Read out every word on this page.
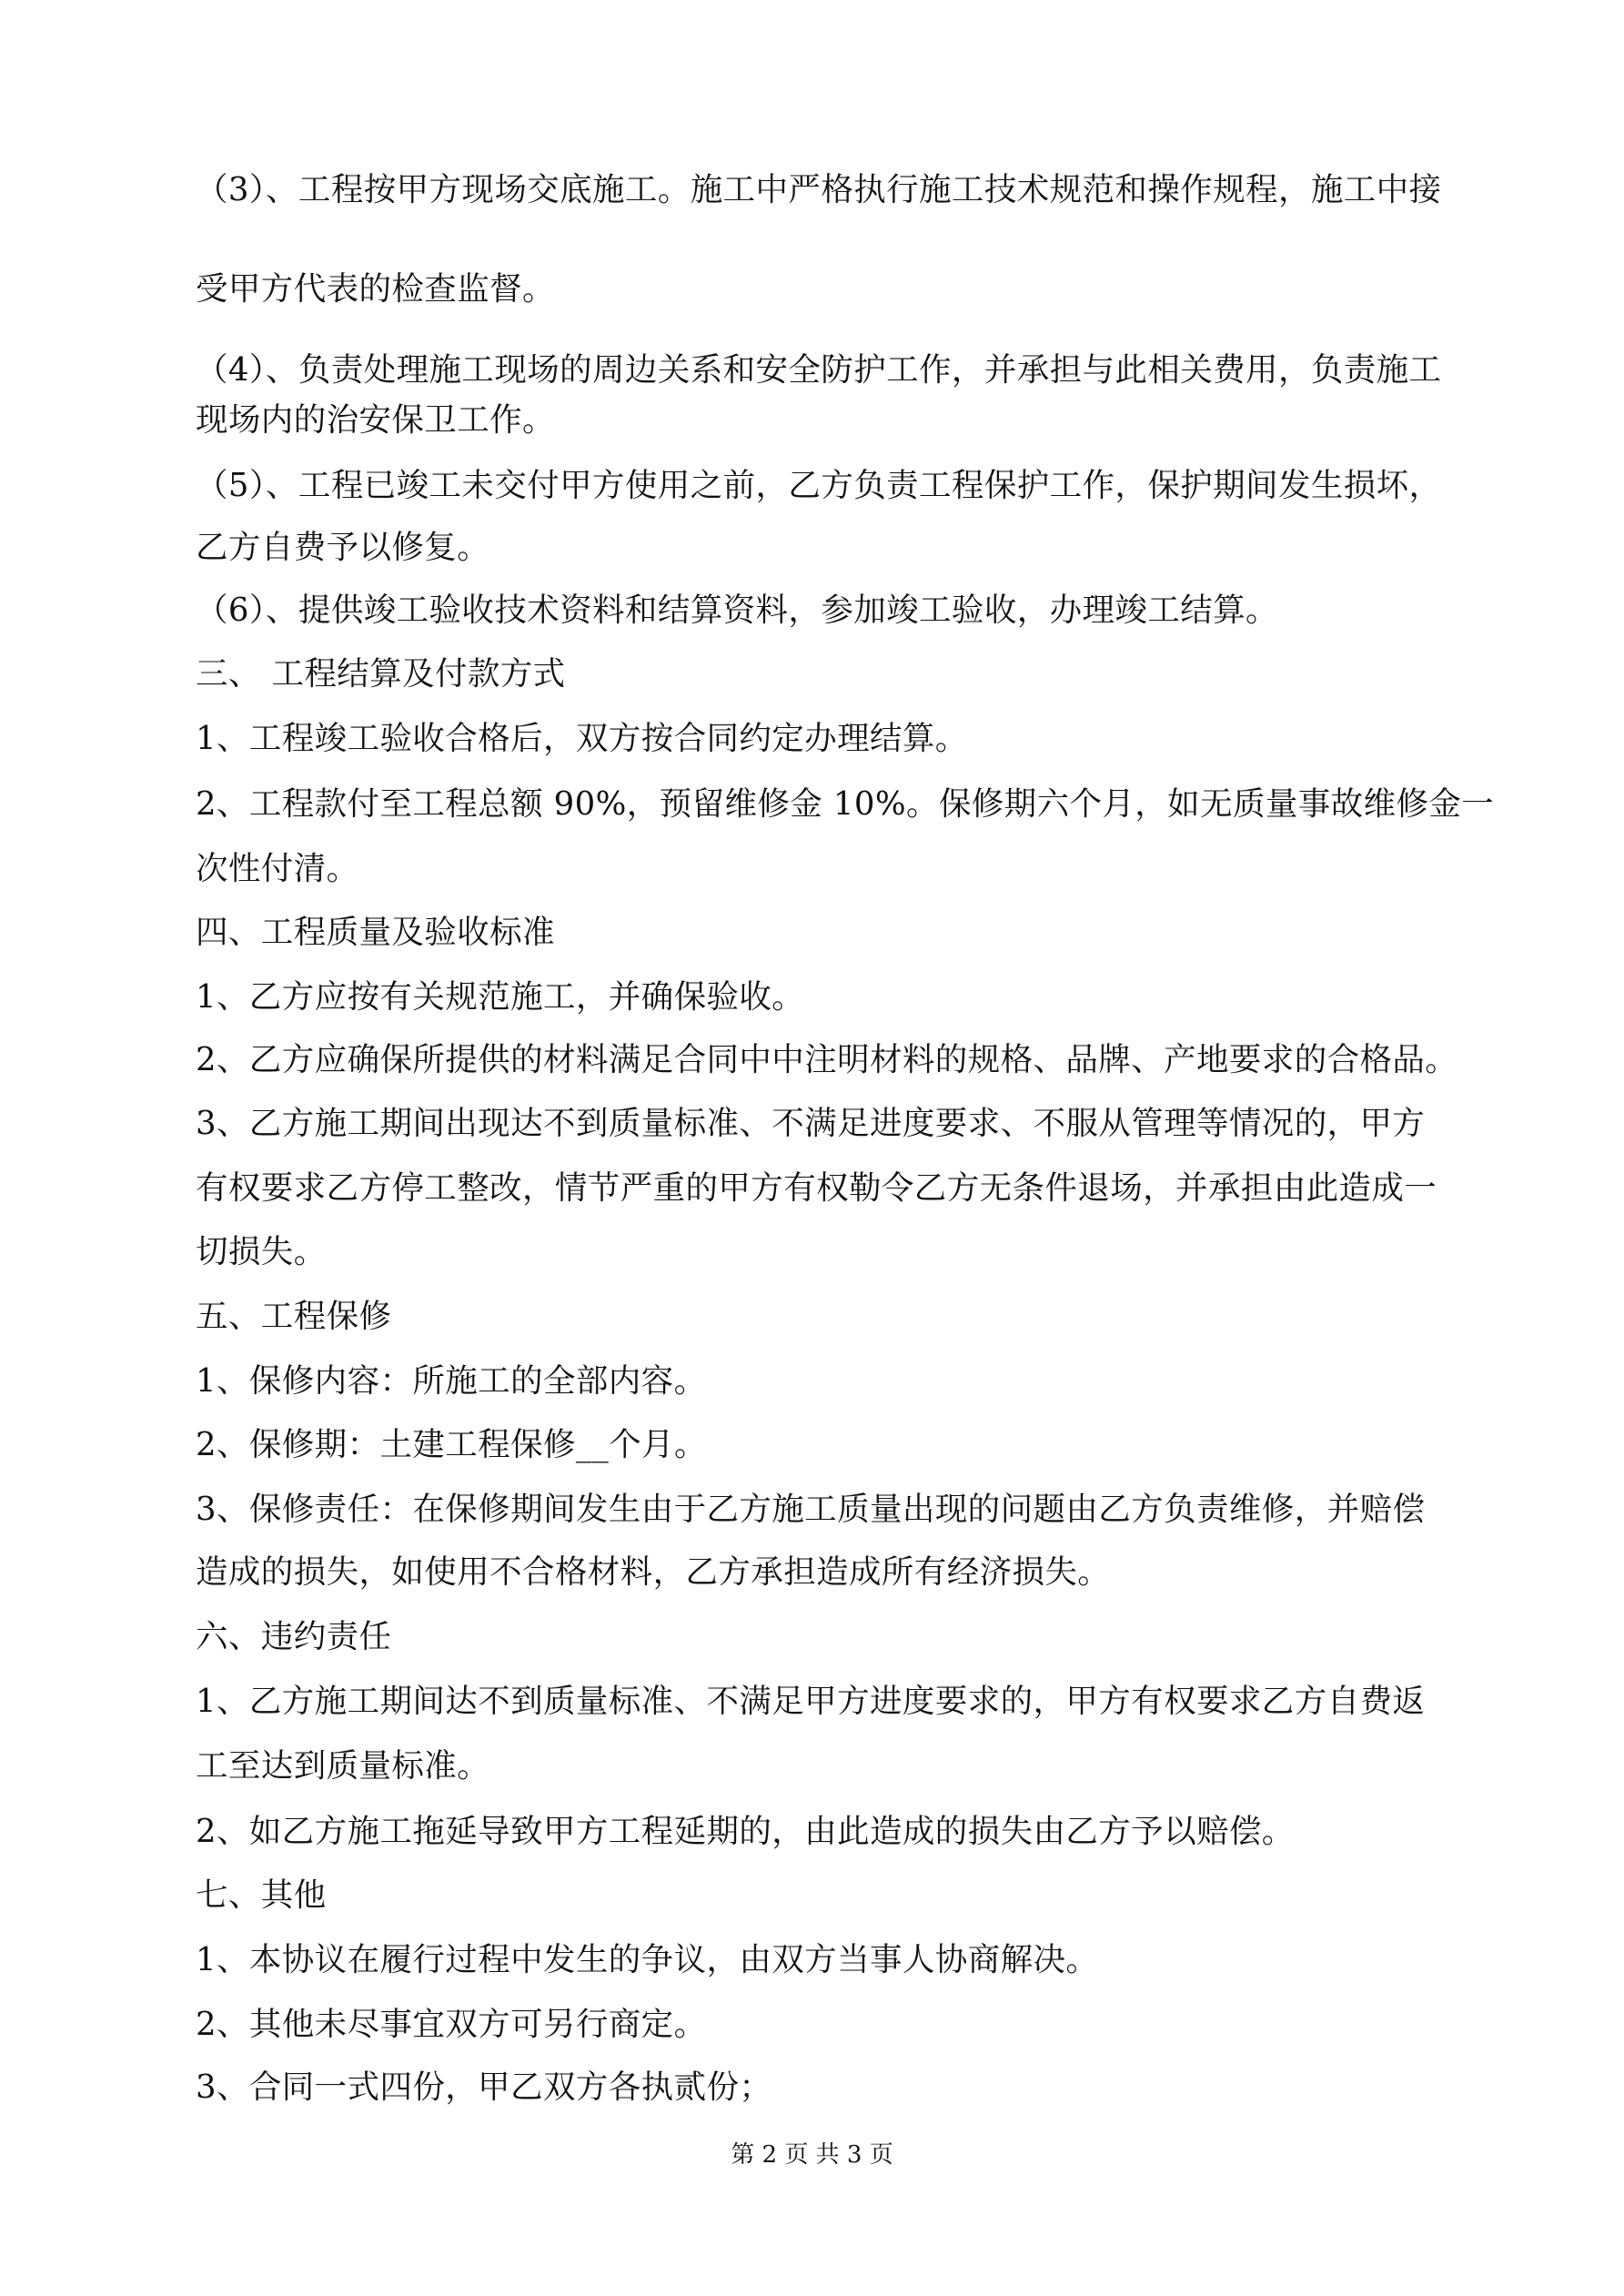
（3）、工程按甲方现场交底施工。施工中严格执行施工技术规范和操作规程，施工中接
受甲方代表的检查监督。
（4）、负责处理施工现场的周边关系和安全防护工作，并承担与此相关费用，负责施工
现场内的治安保卫工作。
（5）、工程已竣工未交付甲方使用之前，乙方负责工程保护工作，保护期间发生损坏，
乙方自费予以修复。
（6）、提供竣工验收技术资料和结算资料，参加竣工验收，办理竣工结算。
三、 工程结算及付款方式
1、工程竣工验收合格后，双方按合同约定办理结算。
2、工程款付至工程总额 90%，预留维修金 10%。保修期六个月，如无质量事故维修金一
次性付清。
四、工程质量及验收标准
1、乙方应按有关规范施工，并确保验收。
2、乙方应确保所提供的材料满足合同中中注明材料的规格、品牌、产地要求的合格品。
3、乙方施工期间出现达不到质量标准、不满足进度要求、不服从管理等情况的，甲方
有权要求乙方停工整改，情节严重的甲方有权勒令乙方无条件退场，并承担由此造成一
切损失。
五、工程保修
1、保修内容：所施工的全部内容。
2、保修期：土建工程保修__个月。
3、保修责任：在保修期间发生由于乙方施工质量出现的问题由乙方负责维修，并赔偿
造成的损失，如使用不合格材料，乙方承担造成所有经济损失。
六、违约责任
1、乙方施工期间达不到质量标准、不满足甲方进度要求的，甲方有权要求乙方自费返
工至达到质量标准。
2、如乙方施工拖延导致甲方工程延期的，由此造成的损失由乙方予以赔偿。
七、其他
1、本协议在履行过程中发生的争议，由双方当事人协商解决。
2、其他未尽事宜双方可另行商定。
3、合同一式四份，甲乙双方各执贰份；
第 2 页 共 3 页
